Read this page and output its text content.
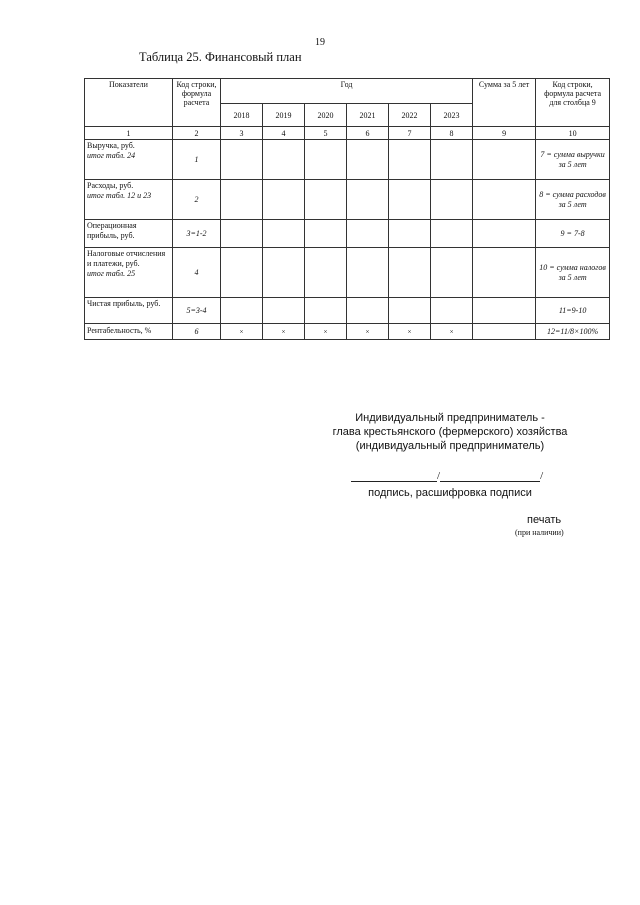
19
Таблица 25. Финансовый план
Показатели	Код строки, формула расчета	Год						Сумма за 5 лет	Код строки, формула расчета для столбца 9
		2018	2019	2020	2021	2022	2023		
1	2	3	4	5	6	7	8	9	10
Выручка, руб.
итог табл. 24	1								7 = сумма выручки за 5 лет
Расходы, руб.
итог табл. 12 и 23	2								8 = сумма расходов за 5 лет
Операционная прибыль, руб.	3=1-2								9 = 7-8
Налоговые отчисления и платежи, руб.
итог табл. 25	4								10 = сумма налогов за 5 лет
Чистая прибыль, руб.	5=3-4								11=9-10
Рентабельность, %	6	×	×	×	×	×	×		12=11/8×100%
Индивидуальный предприниматель -
глава крестьянского (фермерского) хозяйства
(индивидуальный предприниматель)
/	/
подпись, расшифровка подписи
печать
(при наличии)
